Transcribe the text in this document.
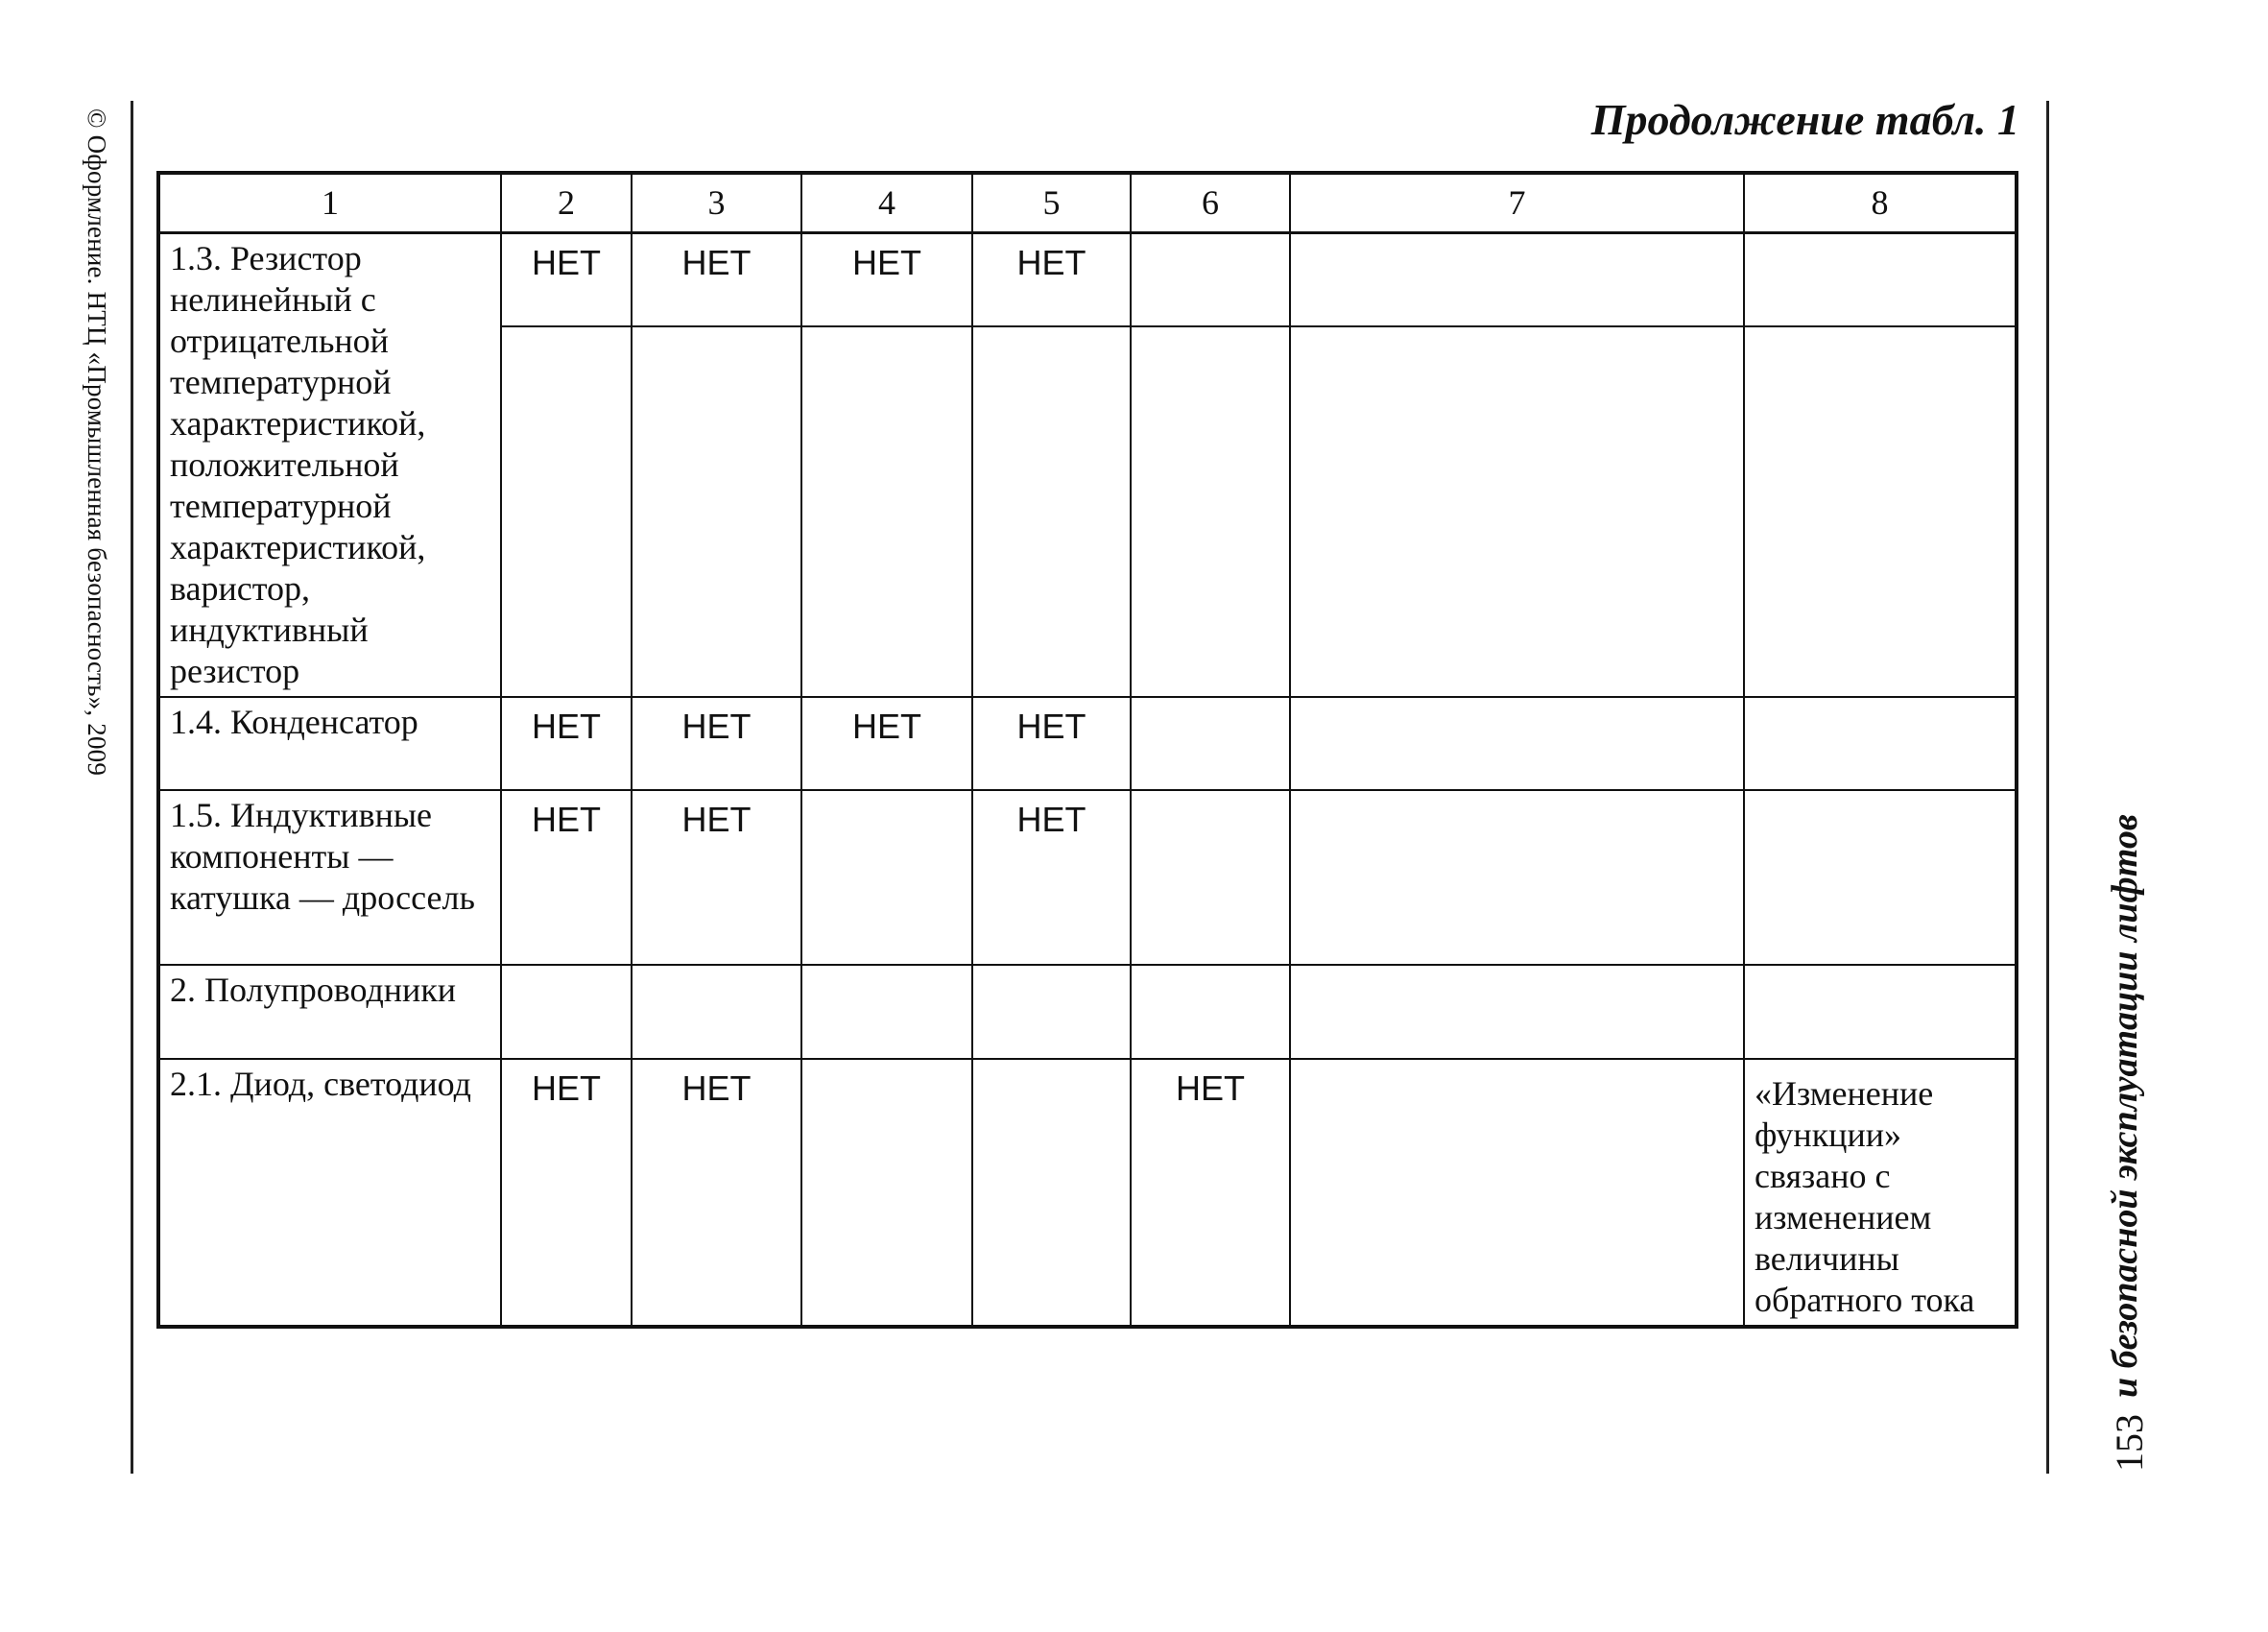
© Оформление. НТЦ «Промышленная безопасность», 2009
и безопасной эксплуатации лифтов
153
Продолжение табл. 1
1	2	3	4	5	6	7	8
1.3. Резистор нелинейный с отрицательной температурной характеристикой, положительной температурной характеристикой, варистор, индуктивный резистор	НЕТ	НЕТ	НЕТ	НЕТ			

1.4. Конденсатор	НЕТ	НЕТ	НЕТ	НЕТ			
1.5. Индуктивные компоненты — катушка — дроссель	НЕТ	НЕТ		НЕТ			
2. Полупроводники							
2.1. Диод, светодиод	НЕТ	НЕТ			НЕТ		«Изменение функции» связано с изменением величины обратного тока
